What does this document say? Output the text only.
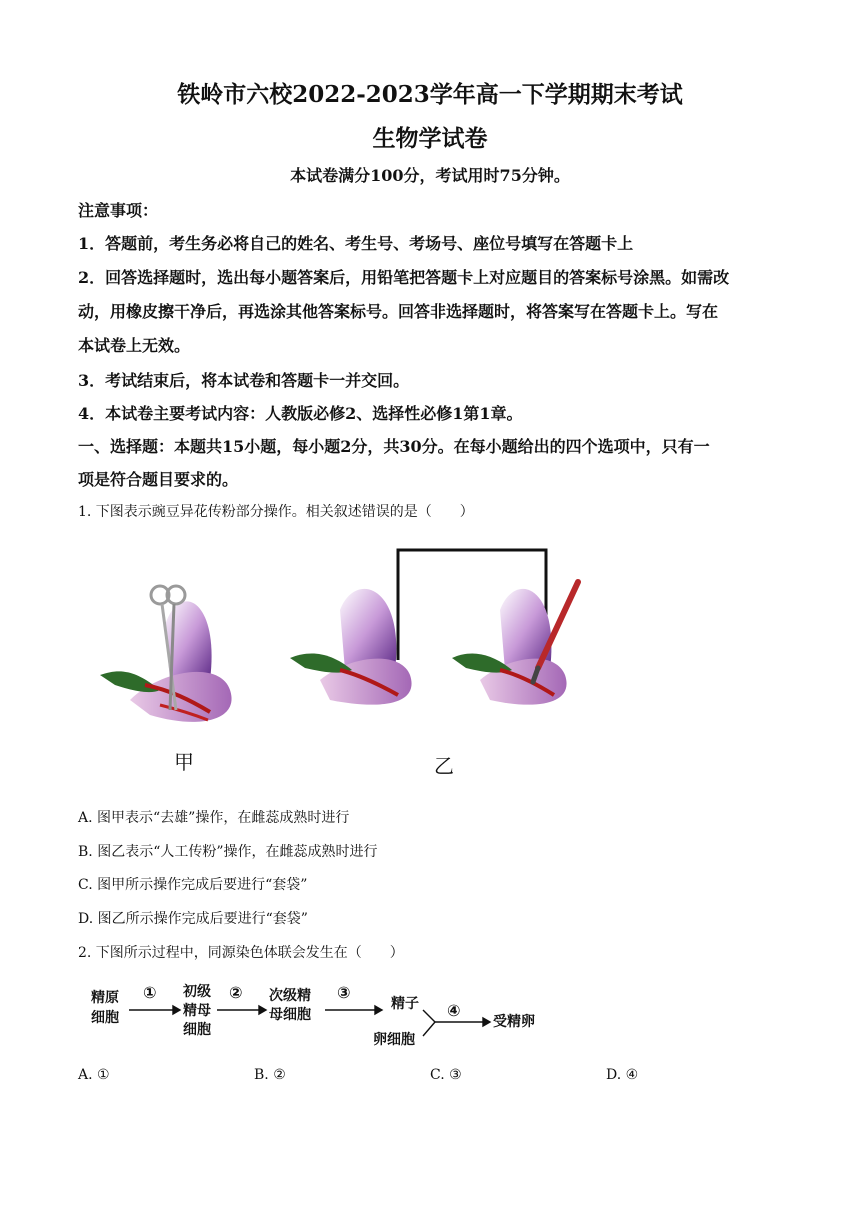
铁岭市六校2022-2023学年高一下学期期末考试
生物学试卷
本试卷满分100分，考试用时75分钟。
注意事项：
1．答题前，考生务必将自己的姓名、考生号、考场号、座位号填写在答题卡上
2．回答选择题时，选出每小题答案后，用铅笔把答题卡上对应题目的答案标号涂黑。如需改
动，用橡皮擦干净后，再选涂其他答案标号。回答非选择题时，将答案写在答题卡上。写在
本试卷上无效。
3．考试结束后，将本试卷和答题卡一并交回。
4．本试卷主要考试内容：人教版必修2、选择性必修1第1章。
一、选择题：本题共15小题，每小题2分，共30分。在每小题给出的四个选项中，只有一
项是符合题目要求的。
1. 下图表示豌豆异花传粉部分操作。相关叙述错误的是（　　）
甲	乙
A. 图甲表示“去雄”操作，在雌蕊成熟时进行
B. 图乙表示“人工传粉”操作，在雌蕊成熟时进行
C. 图甲所示操作完成后要进行“套袋”
D. 图乙所示操作完成后要进行“套袋”
2. 下图所示过程中，同源染色体联会发生在（　　）
精原
细胞
初级
精母
细胞
次级精
母细胞
精子
卵细胞
受精卵
①	②	③
④
A. ①	B. ②	C. ③	D. ④
